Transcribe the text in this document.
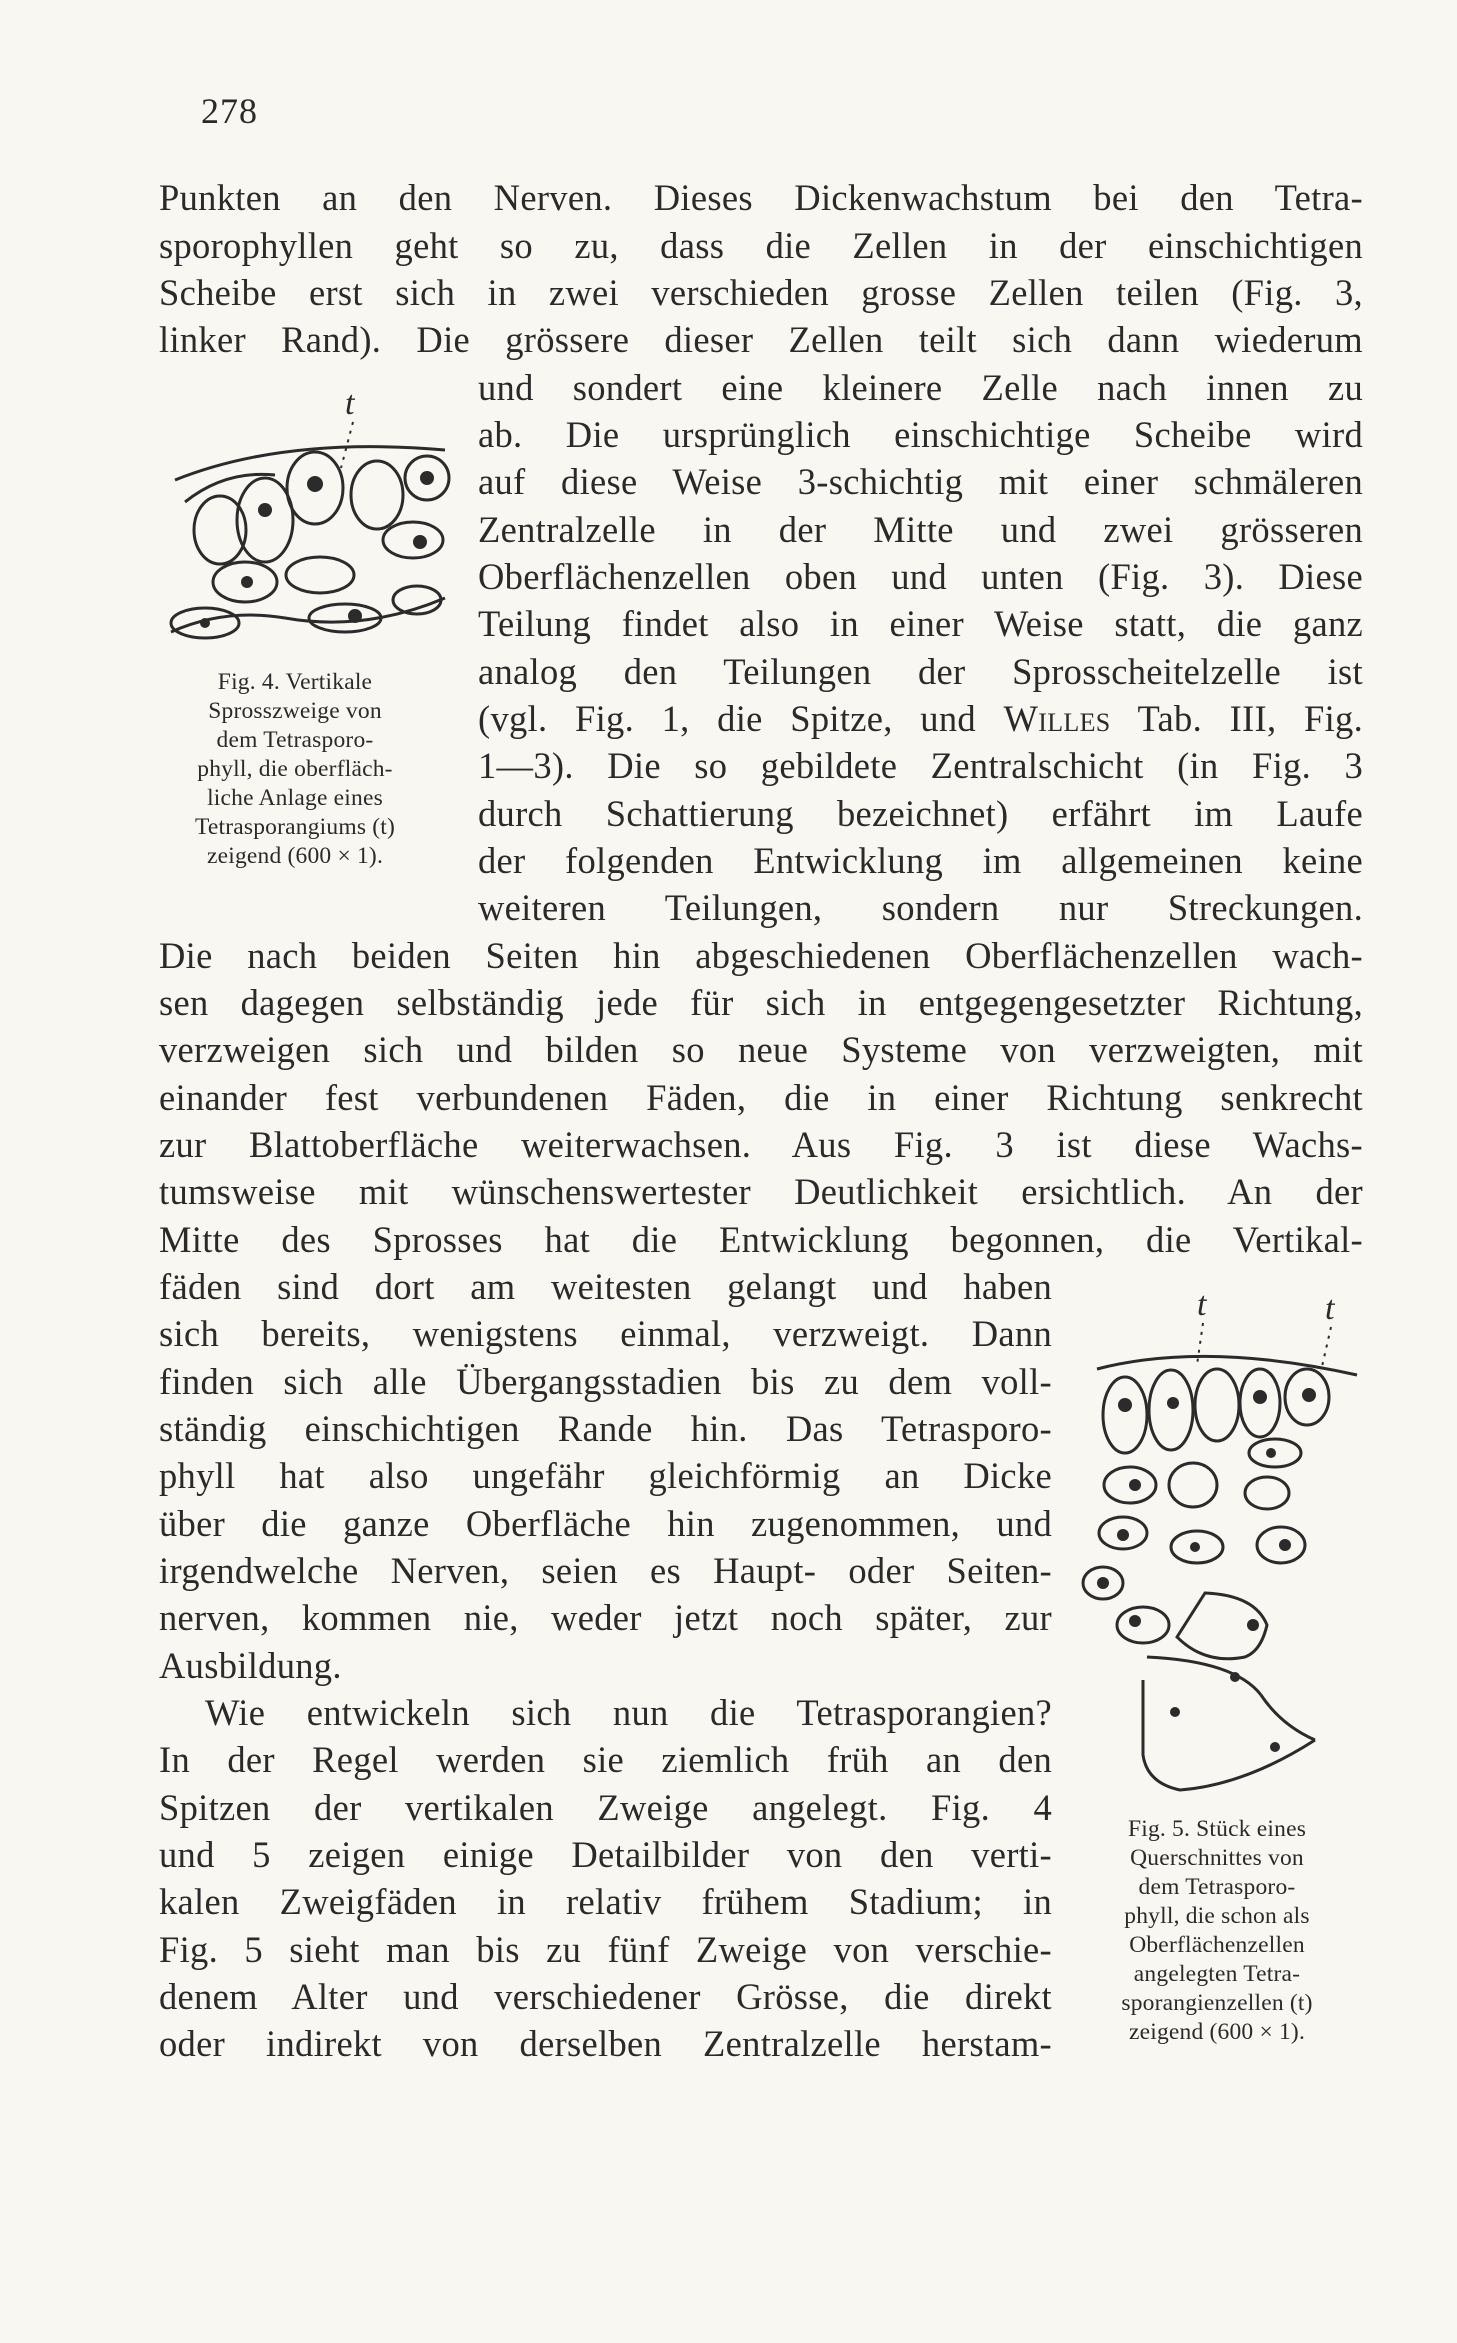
278

Punkten an den Nerven. Dieses Dickenwachstum bei den Tetra-

sporophyllen geht so zu, dass die Zellen in der einschichtigen

Scheibe erst sich in zwei verschieden grosse Zellen teilen (Fig. 3,

linker Rand). Die grössere dieser Zellen teilt sich dann wiederum

und sondert eine kleinere Zelle nach innen zu

ab. Die ursprünglich einschichtige Scheibe wird

auf diese Weise 3-schichtig mit einer schmäleren

Zentralzelle in der Mitte und zwei grösseren

Oberflächenzellen oben und unten (Fig. 3). Diese

Teilung findet also in einer Weise statt, die ganz

analog den Teilungen der Sprosscheitelzelle ist

(vgl. Fig. 1, die Spitze, und Willes Tab. III, Fig.

1—3). Die so gebildete Zentralschicht (in Fig. 3

durch Schattierung bezeichnet) erfährt im Laufe

der folgenden Entwicklung im allgemeinen keine

weiteren Teilungen, sondern nur Streckungen.

Die nach beiden Seiten hin abgeschiedenen Oberflächenzellen wach-

sen dagegen selbständig jede für sich in entgegengesetzter Richtung,

verzweigen sich und bilden so neue Systeme von verzweigten, mit

einander fest verbundenen Fäden, die in einer Richtung senkrecht

zur Blattoberfläche weiterwachsen. Aus Fig. 3 ist diese Wachs-

tumsweise mit wünschenswertester Deutlichkeit ersichtlich. An der

Mitte des Sprosses hat die Entwicklung begonnen, die Vertikal-

fäden sind dort am weitesten gelangt und haben

sich bereits, wenigstens einmal, verzweigt. Dann

finden sich alle Übergangsstadien bis zu dem voll-

ständig einschichtigen Rande hin. Das Tetrasporo-

phyll hat also ungefähr gleichförmig an Dicke

über die ganze Oberfläche hin zugenommen, und

irgendwelche Nerven, seien es Haupt- oder Seiten-

nerven, kommen nie, weder jetzt noch später, zur

Ausbildung.

Wie entwickeln sich nun die Tetrasporangien?

In der Regel werden sie ziemlich früh an den

Spitzen der vertikalen Zweige angelegt. Fig. 4

und 5 zeigen einige Detailbilder von den verti-

kalen Zweigfäden in relativ frühem Stadium; in

Fig. 5 sieht man bis zu fünf Zweige von verschie-

denem Alter und verschiedener Grösse, die direkt

oder indirekt von derselben Zentralzelle herstam-

t
Fig. 4. Vertikale
Sprosszweige von
dem Tetrasporo-
phyll, die oberfläch-
liche Anlage eines
Tetrasporangiums (t)
zeigend (600 × 1).
t	t
Fig. 5. Stück eines
Querschnittes von
dem Tetrasporo-
phyll, die schon als
Oberflächenzellen
angelegten Tetra-
sporangienzellen (t)
zeigend (600 × 1).
